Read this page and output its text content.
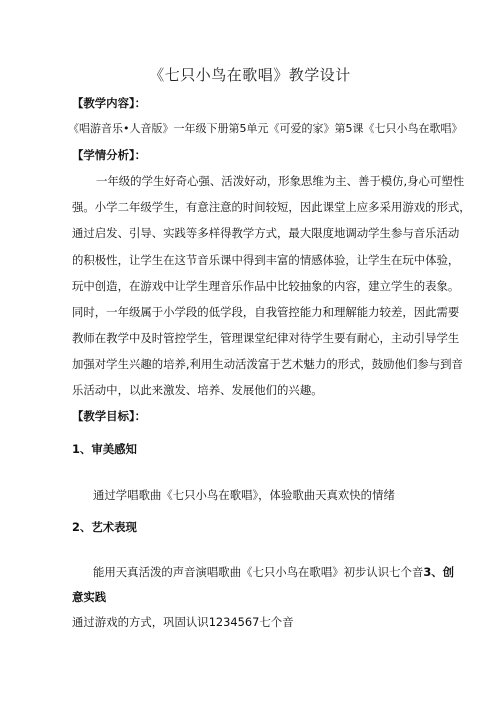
《七只小鸟在歌唱》教学设计
【教学内容】：
《唱游音乐•人音版》一年级下册第5单元《可爱的家》第5课《七只小鸟在歌唱》
【学情分析】：
一年级的学生好奇心强、活泼好动，形象思维为主、善于模仿,身心可塑性
强。小学二年级学生，有意注意的时间较短，因此课堂上应多采用游戏的形式，
通过启发、引导、实践等多样得教学方式，最大限度地调动学生参与音乐活动
的积极性，让学生在这节音乐课中得到丰富的情感体验，让学生在玩中体验，
玩中创造，在游戏中让学生理音乐作品中比较抽象的内容，建立学生的表象。
同时，一年级属于小学段的低学段，自我管控能力和理解能力较差，因此需要
教师在教学中及时管控学生，管理课堂纪律对待学生要有耐心，主动引导学生
加强对学生兴趣的培养,利用生动活泼富于艺术魅力的形式，鼓励他们参与到音
乐活动中，以此来激发、培养、发展他们的兴趣。
【教学目标】：
1、审美感知
通过学唱歌曲《七只小鸟在歌唱》，体验歌曲天真欢快的情绪
2、艺术表现
能用天真活泼的声音演唱歌曲《七只小鸟在歌唱》初步认识七个音3、创
意实践
通过游戏的方式，巩固认识1234567七个音
